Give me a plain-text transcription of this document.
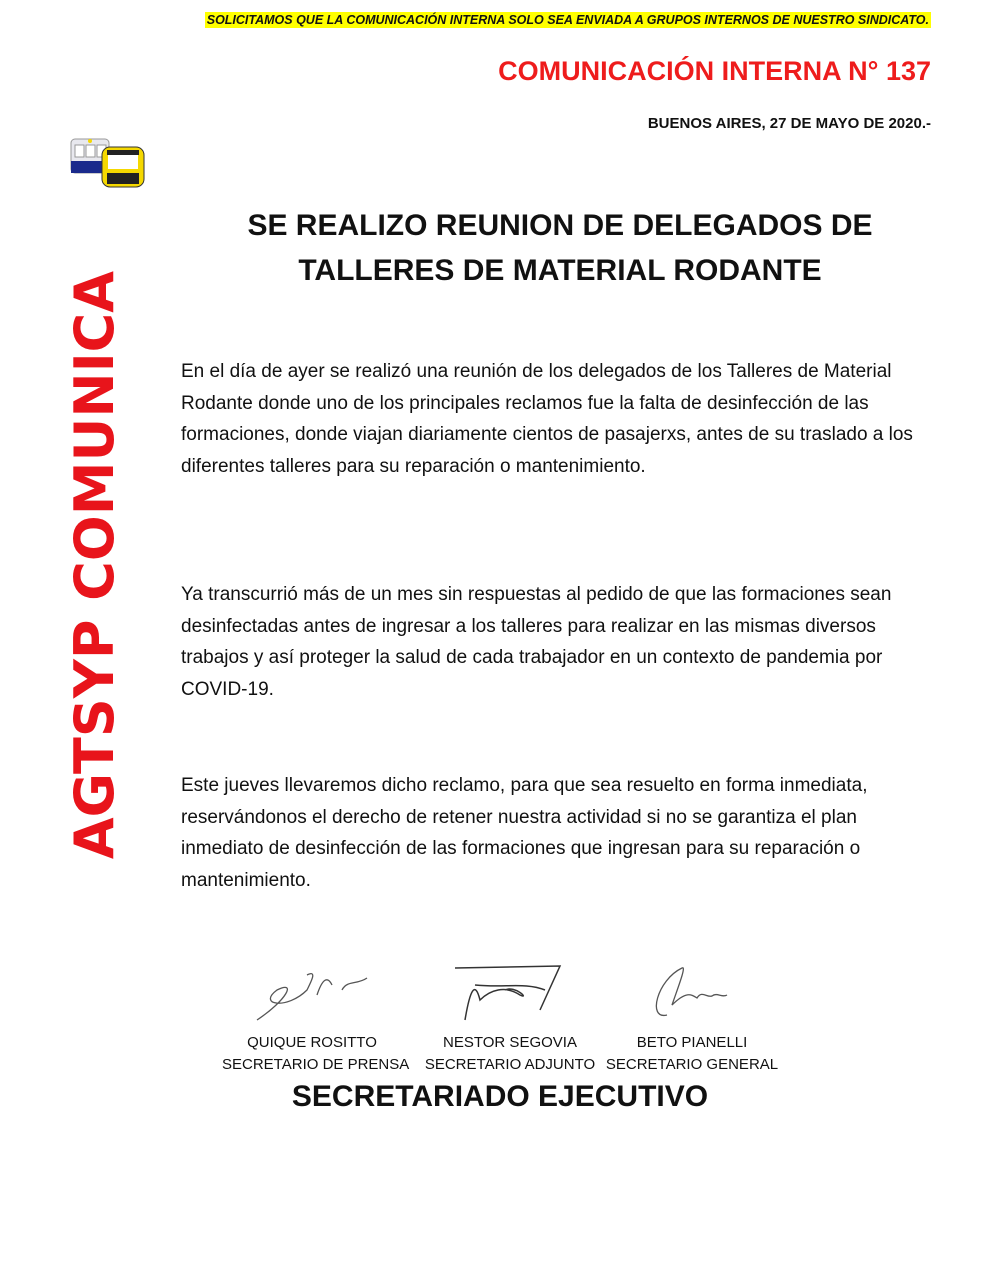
SOLICITAMOS QUE LA COMUNICACIÓN INTERNA SOLO SEA ENVIADA A GRUPOS INTERNOS DE NUESTRO SINDICATO.
COMUNICACIÓN INTERNA N° 137
BUENOS AIRES, 27 DE MAYO DE 2020.-
AGTSYP COMUNICA
SE REALIZO REUNION DE DELEGADOS DE
TALLERES DE MATERIAL RODANTE
En el día de ayer se realizó una reunión de los delegados de los Talleres de Material Rodante donde uno de los principales reclamos fue la falta de desinfección de las formaciones, donde viajan diariamente cientos de pasajerxs, antes de su traslado a los diferentes talleres para su reparación o mantenimiento.
Ya transcurrió más de un mes sin respuestas al pedido de que las formaciones sean desinfectadas antes de ingresar a los talleres para realizar en las mismas diversos trabajos y así proteger la salud de cada trabajador en un contexto de pandemia por COVID-19.
Este jueves llevaremos dicho reclamo, para que sea resuelto en forma inmediata, reservándonos el derecho de retener nuestra actividad si no se garantiza el plan inmediato de desinfección de las formaciones que ingresan para su reparación o mantenimiento.
QUIQUE ROSITTO
SECRETARIO DE PRENSA
NESTOR SEGOVIA
SECRETARIO ADJUNTO
BETO PIANELLI
SECRETARIO GENERAL
SECRETARIADO EJECUTIVO
